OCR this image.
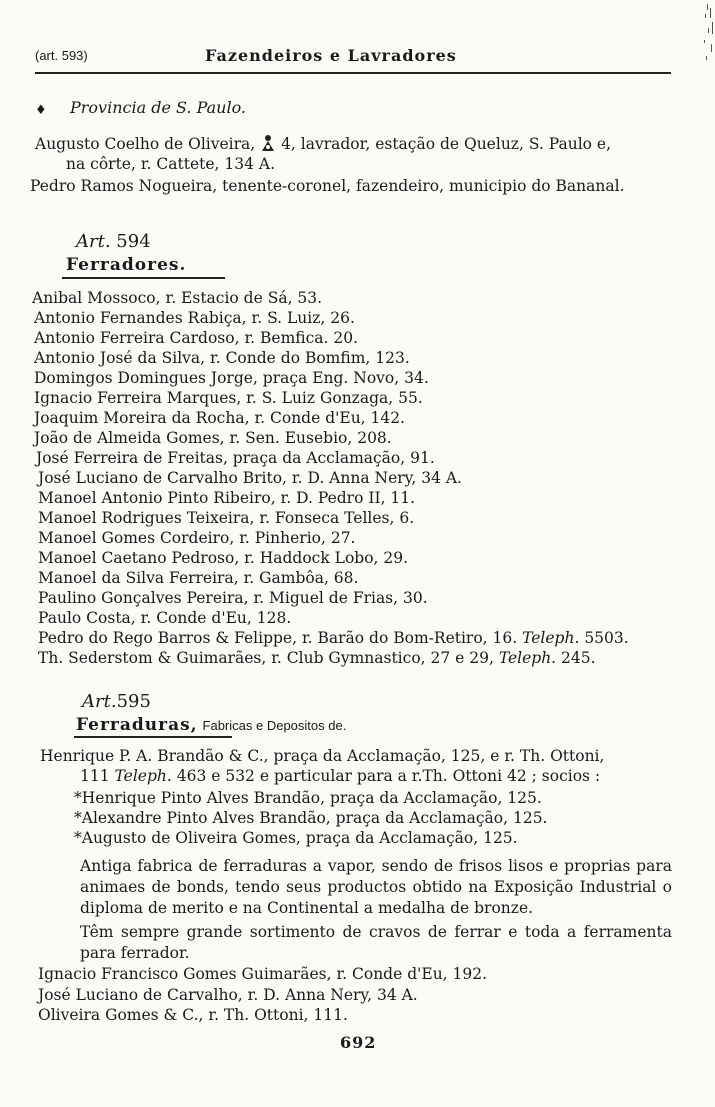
(art. 593)	Fazendeiros e Lavradores
♦ Provincia de S. Paulo.
Augusto Coelho de Oliveira,  4, lavrador, estação de Queluz, S. Paulo e,
na côrte, r. Cattete, 134 A.
Pedro Ramos Nogueira, tenente-coronel, fazendeiro, municipio do Bananal.
Art. 594
Ferradores.
Anibal Mossoco, r. Estacio de Sá, 53.
Antonio Fernandes Rabiça, r. S. Luiz, 26.
Antonio Ferreira Cardoso, r. Bemfica. 20.
Antonio José da Silva, r. Conde do Bomfim, 123.
Domingos Domingues Jorge, praça Eng. Novo, 34.
Ignacio Ferreira Marques, r. S. Luiz Gonzaga, 55.
Joaquim Moreira da Rocha, r. Conde d'Eu, 142.
João de Almeida Gomes, r. Sen. Eusebio, 208.
José Ferreira de Freitas, praça da Acclamação, 91.
José Luciano de Carvalho Brito, r. D. Anna Nery, 34 A.
Manoel Antonio Pinto Ribeiro, r. D. Pedro II, 11.
Manoel Rodrigues Teixeira, r. Fonseca Telles, 6.
Manoel Gomes Cordeiro, r. Pinherio, 27.
Manoel Caetano Pedroso, r. Haddock Lobo, 29.
Manoel da Silva Ferreira, r. Gambôa, 68.
Paulino Gonçalves Pereira, r. Miguel de Frias, 30.
Paulo Costa, r. Conde d'Eu, 128.
Pedro do Rego Barros & Felippe, r. Barão do Bom-Retiro, 16. Teleph. 5503.
Th. Sederstom & Guimarães, r. Club Gymnastico, 27 e 29, Teleph. 245.
Art.595
Ferraduras, Fabricas e Depositos de.
Henrique P. A. Brandão & C., praça da Acclamação, 125, e r. Th. Ottoni,
111 Teleph. 463 e 532 e particular para a r.Th. Ottoni 42 ; socios :
*Henrique Pinto Alves Brandão, praça da Acclamação, 125.
*Alexandre Pinto Alves Brandão, praça da Acclamação, 125.
*Augusto de Oliveira Gomes, praça da Acclamação, 125.
Antiga fabrica de ferraduras a vapor, sendo de frisos lisos e proprias para animaes de bonds, tendo seus productos obtido na Exposição Industrial o diploma de merito e na Continental a medalha de bronze.
Têm sempre grande sortimento de cravos de ferrar e toda a ferramenta para ferrador.
Ignacio Francisco Gomes Guimarães, r. Conde d'Eu, 192.
José Luciano de Carvalho, r. D. Anna Nery, 34 A.
Oliveira Gomes & C., r. Th. Ottoni, 111.
692
